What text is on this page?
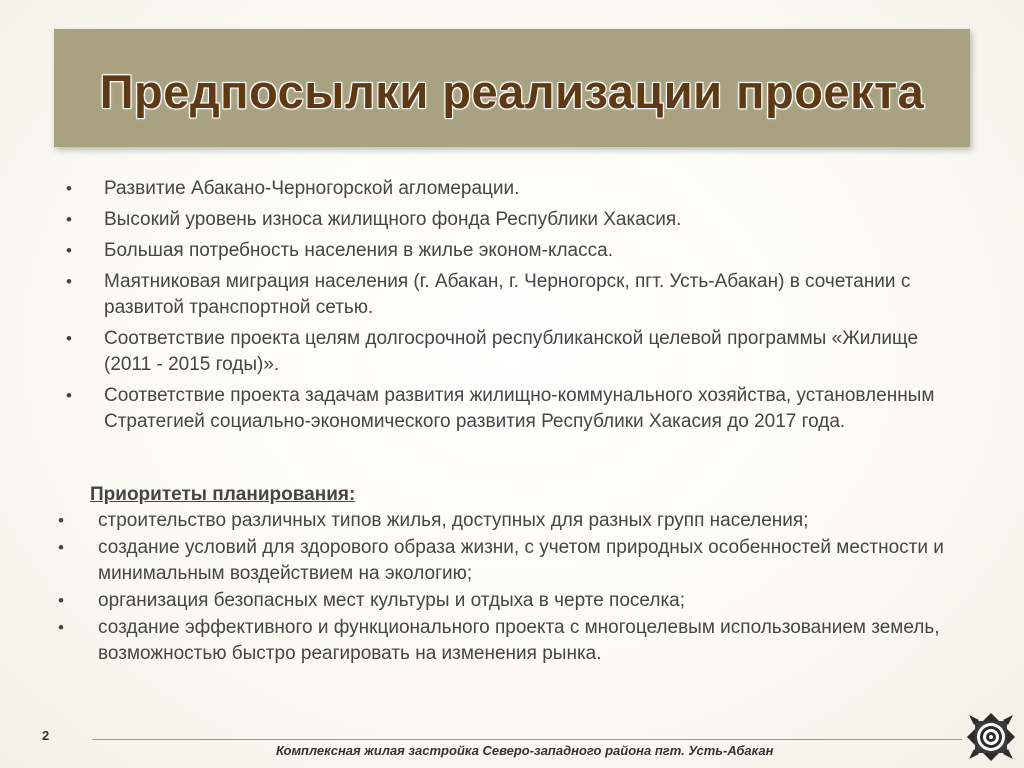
Предпосылки реализации проекта
• Развитие Абакано-Черногорской агломерации.
• Высокий уровень износа жилищного фонда Республики Хакасия.
• Большая потребность населения в жилье эконом-класса.
• Маятниковая миграция населения (г. Абакан, г. Черногорск, пгт. Усть-Абакан) в сочетании с развитой транспортной сетью.
• Соответствие проекта целям долгосрочной республиканской целевой программы «Жилище (2011 - 2015 годы)».
• Соответствие проекта задачам развития жилищно-коммунального хозяйства, установленным Стратегией социально-экономического развития Республики Хакасия до 2017 года.
Приоритеты планирования:
• строительство различных типов жилья, доступных для разных групп населения;
• создание условий для здорового образа жизни, с учетом природных особенностей местности и минимальным воздействием на экологию;
• организация безопасных мест культуры и отдыха в черте поселка;
• создание эффективного и функционального проекта с многоцелевым использованием земель, возможностью быстро реагировать на изменения рынка.
2
Комплексная жилая застройка Северо-западного района пгт. Усть-Абакан
